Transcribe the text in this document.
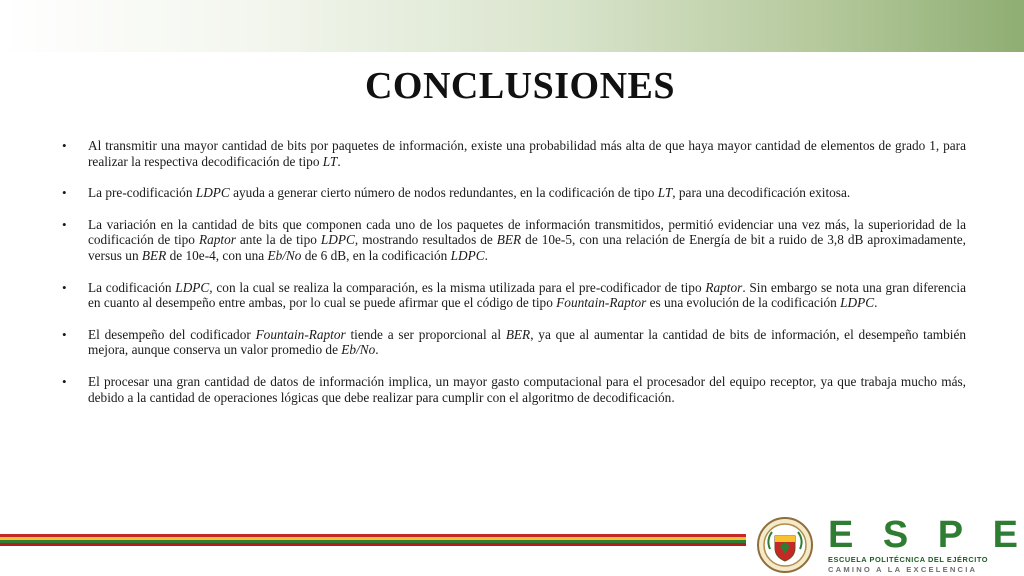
CONCLUSIONES
• Al transmitir una mayor cantidad de bits por paquetes de información, existe una probabilidad más alta de que haya mayor cantidad de elementos de grado 1, para realizar la respectiva decodificación de tipo LT.
• La pre-codificación LDPC ayuda a generar cierto número de nodos redundantes, en la codificación de tipo LT, para una decodificación exitosa.
• La variación en la cantidad de bits que componen cada uno de los paquetes de información transmitidos, permitió evidenciar una vez más, la superioridad de la codificación de tipo Raptor ante la de tipo LDPC, mostrando resultados de BER de 10e-5, con una relación de Energía de bit a ruido de 3,8 dB aproximadamente, versus un BER de 10e-4, con una Eb/No de 6 dB, en la codificación LDPC.
• La codificación LDPC, con la cual se realiza la comparación, es la misma utilizada para el pre-codificador de tipo Raptor. Sin embargo se nota una gran diferencia en cuanto al desempeño entre ambas, por lo cual se puede afirmar que el código de tipo Fountain-Raptor es una evolución de la codificación LDPC.
• El desempeño del codificador Fountain-Raptor tiende a ser proporcional al BER, ya que al aumentar la cantidad de bits de información, el desempeño también mejora, aunque conserva un valor promedio de Eb/No.
• El procesar una gran cantidad de datos de información implica, un mayor gasto computacional para el procesador del equipo receptor, ya que trabaja mucho más, debido a la cantidad de operaciones lógicas que debe realizar para cumplir con el algoritmo de decodificación.
E S P E
ESCUELA POLITÉCNICA DEL EJÉRCITO
CAMINO A LA EXCELENCIA
